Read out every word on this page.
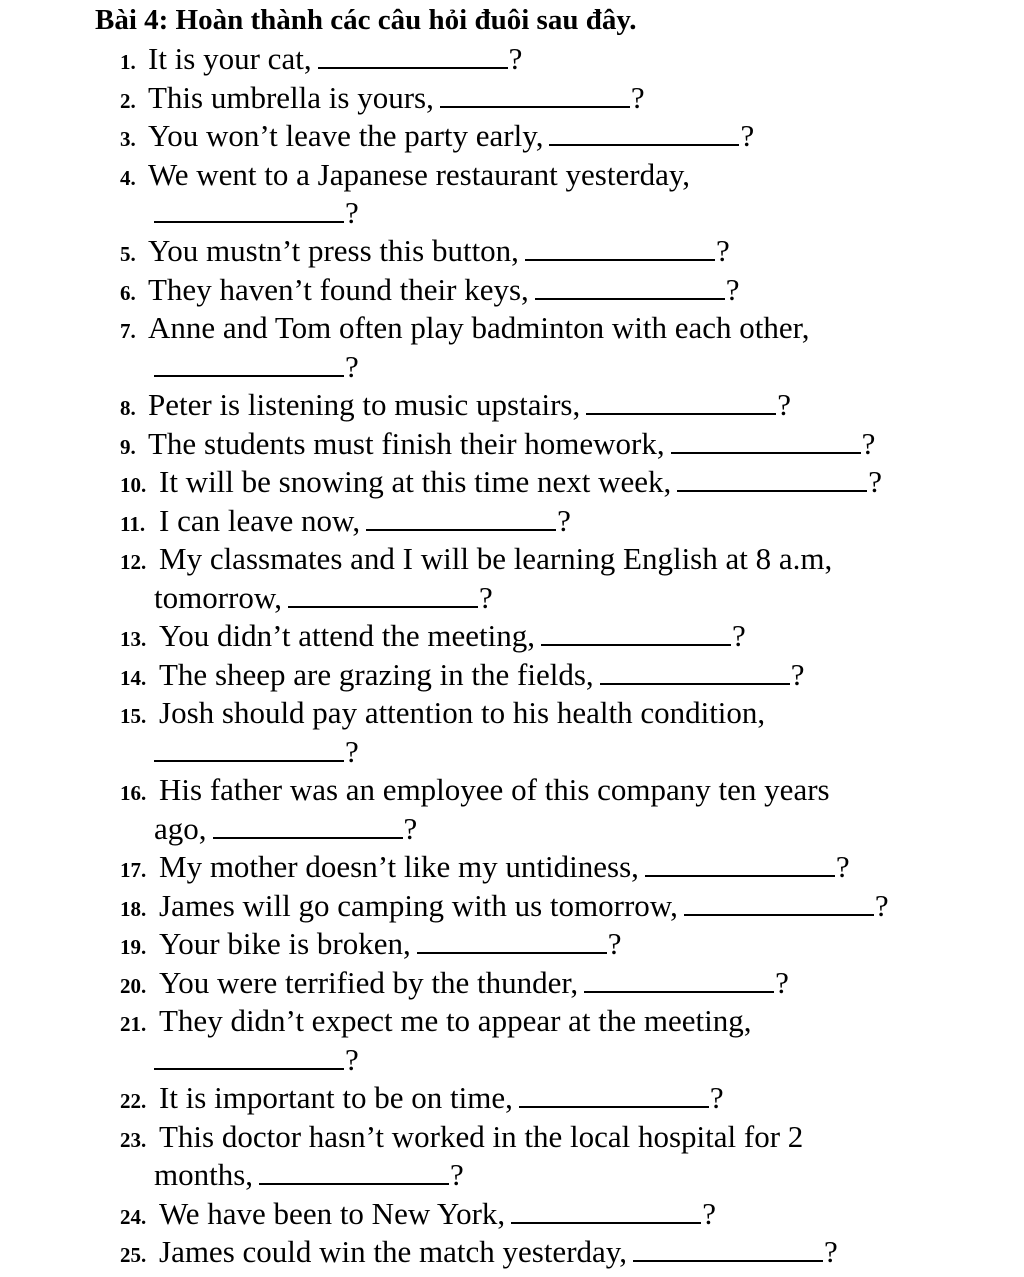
Bài 4: Hoàn thành các câu hỏi đuôi sau đây.
1. It is your cat,	?
2. This umbrella is yours,	?
3. You won’t leave the party early,	?
4. We went to a Japanese restaurant yesterday,
?
5. You mustn’t press this button,	?
6. They haven’t found their keys,	?
7. Anne and Tom often play badminton with each other,
?
8. Peter is listening to music upstairs,	?
9. The students must finish their homework,	?
10. It will be snowing at this time next week,	?
11. I can leave now,	?
12. My classmates and I will be learning English at 8 a.m,
tomorrow,	?
13. You didn’t attend the meeting,	?
14. The sheep are grazing in the fields,	?
15. Josh should pay attention to his health condition,
?
16. His father was an employee of this company ten years
ago,	?
17. My mother doesn’t like my untidiness,	?
18. James will go camping with us tomorrow,	?
19. Your bike is broken,	?
20. You were terrified by the thunder,	?
21. They didn’t expect me to appear at the meeting,
?
22. It is important to be on time,	?
23. This doctor hasn’t worked in the local hospital for 2
months,	?
24. We have been to New York,	?
25. James could win the match yesterday,	?
